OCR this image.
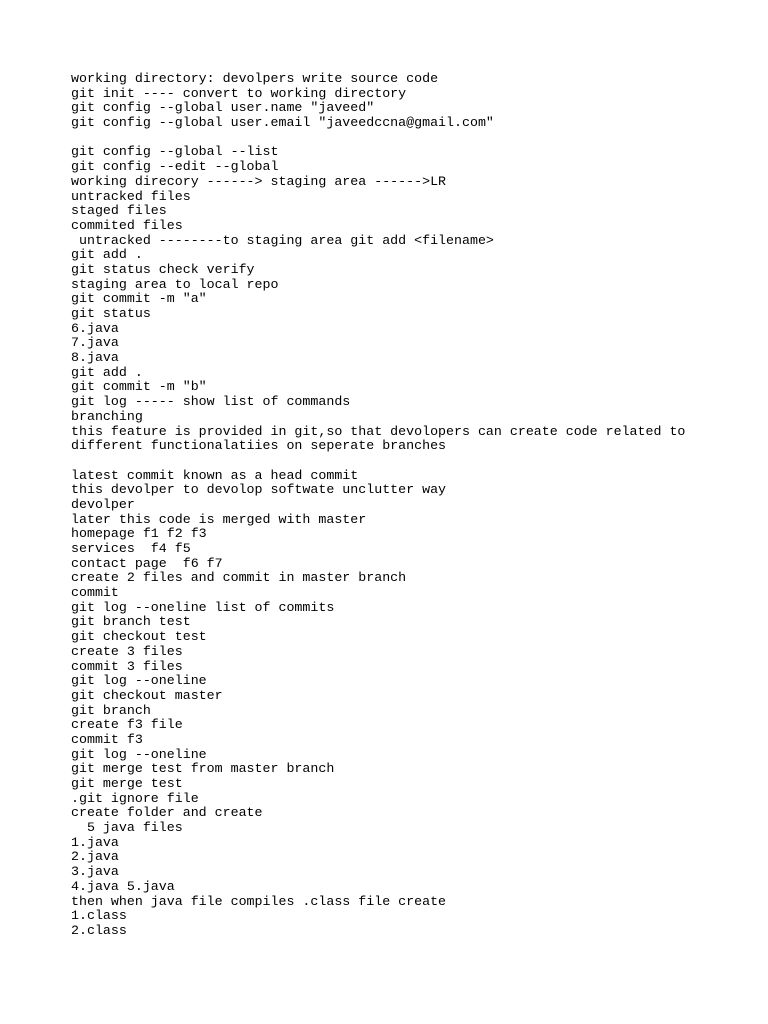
working directory: devolpers write source code
git init ---- convert to working directory
git config --global user.name "javeed"
git config --global user.email "javeedccna@gmail.com"
git config --global --list
git config --edit --global
working direcory ------> staging area ------>LR
untracked files
staged files
commited files
untracked --------to staging area git add <filename>
git add .
git status check verify
staging area to local repo
git commit -m "a"
git status
6.java
7.java
8.java
git add .
git commit -m "b"
git log ----- show list of commands
branching
this feature is provided in git,so that devolopers can create code related to
different functionalatiies on seperate branches
latest commit known as a head commit
this devolper to devolop softwate unclutter way
devolper
later this code is merged with master
homepage f1 f2 f3
services  f4 f5
contact page  f6 f7
create 2 files and commit in master branch
commit
git log --oneline list of commits
git branch test
git checkout test
create 3 files
commit 3 files
git log --oneline
git checkout master
git branch
create f3 file
commit f3
git log --oneline
git merge test from master branch
git merge test
.git ignore file
create folder and create
5 java files
1.java
2.java
3.java
4.java 5.java
then when java file compiles .class file create
1.class
2.class
